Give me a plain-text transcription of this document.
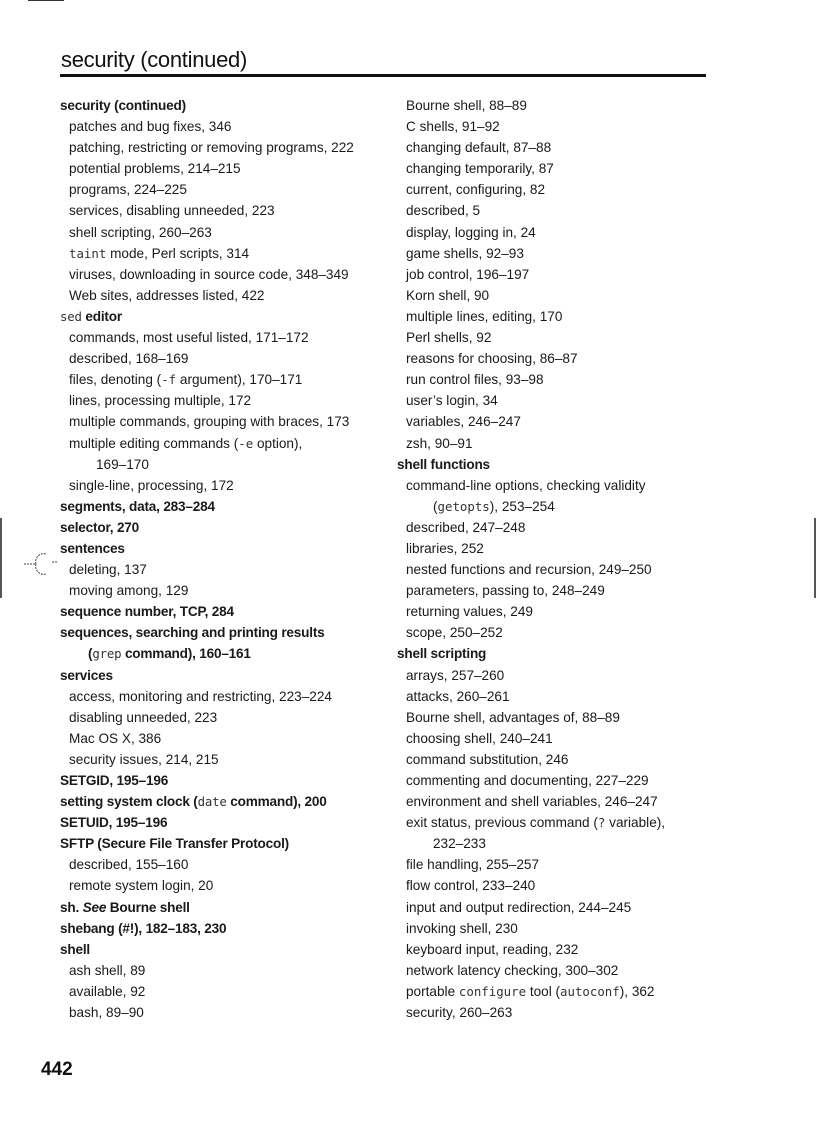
security (continued)
security (continued)
patches and bug fixes, 346
patching, restricting or removing programs, 222
potential problems, 214–215
programs, 224–225
services, disabling unneeded, 223
shell scripting, 260–263
taint mode, Perl scripts, 314
viruses, downloading in source code, 348–349
Web sites, addresses listed, 422
sed editor
commands, most useful listed, 171–172
described, 168–169
files, denoting (-f argument), 170–171
lines, processing multiple, 172
multiple commands, grouping with braces, 173
multiple editing commands (-e option),
169–170
single-line, processing, 172
segments, data, 283–284
selector, 270
sentences
deleting, 137
moving among, 129
sequence number, TCP, 284
sequences, searching and printing results
(grep command), 160–161
services
access, monitoring and restricting, 223–224
disabling unneeded, 223
Mac OS X, 386
security issues, 214, 215
SETGID, 195–196
setting system clock (date command), 200
SETUID, 195–196
SFTP (Secure File Transfer Protocol)
described, 155–160
remote system login, 20
sh. See Bourne shell
shebang (#!), 182–183, 230
shell
ash shell, 89
available, 92
bash, 89–90
Bourne shell, 88–89
C shells, 91–92
changing default, 87–88
changing temporarily, 87
current, configuring, 82
described, 5
display, logging in, 24
game shells, 92–93
job control, 196–197
Korn shell, 90
multiple lines, editing, 170
Perl shells, 92
reasons for choosing, 86–87
run control files, 93–98
user’s login, 34
variables, 246–247
zsh, 90–91
shell functions
command-line options, checking validity
(getopts), 253–254
described, 247–248
libraries, 252
nested functions and recursion, 249–250
parameters, passing to, 248–249
returning values, 249
scope, 250–252
shell scripting
arrays, 257–260
attacks, 260–261
Bourne shell, advantages of, 88–89
choosing shell, 240–241
command substitution, 246
commenting and documenting, 227–229
environment and shell variables, 246–247
exit status, previous command (? variable),
232–233
file handling, 255–257
flow control, 233–240
input and output redirection, 244–245
invoking shell, 230
keyboard input, reading, 232
network latency checking, 300–302
portable configure tool (autoconf), 362
security, 260–263
442
